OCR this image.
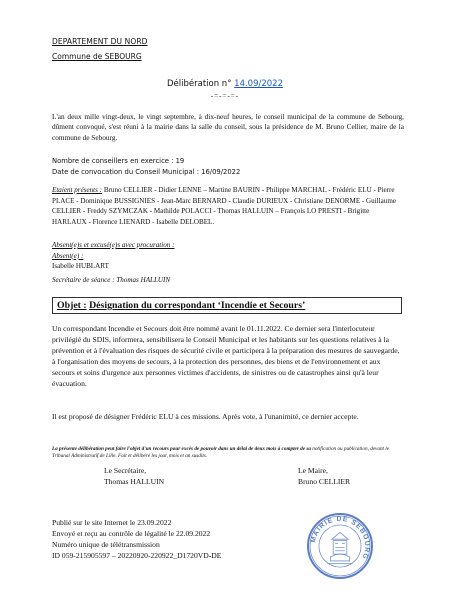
DEPARTEMENT DU NORD
Commune de SEBOURG
Délibération n° 14.09/2022
-=-=-=-
L'an deux mille vingt-deux, le vingt septembre, à dix-neuf heures, le conseil municipal de la commune de Sebourg, dûment convoqué, s'est réuni à la mairie dans la salle du conseil, sous la présidence de M. Bruno Cellier, maire de la commune de Sebourg.
Nombre de conseillers en exercice : 19
Date de convocation du Conseil Municipal : 16/09/2022
Etaient présents : Bruno CELLIER - Didier LENNE – Martine BAURIN - Philippe MARCHAL - Frédéric ELU - Pierre PLACE - Dominique BUSSIGNIES - Jean-Marc BERNARD - Claudie DURIEUX - Christiane DENORME - Guillaume CELLIER - Freddy SZYMCZAK - Mathilde POLACCI - Thomas HALLUIN – François LO PRESTI - Brigitte HARLAUX - Florence LIENARD - Isabelle DELOBEL.
Absent(e)s et excusé(e)s avec procuration :
Absent(e) :
Isabelle HUBLART
Secrétaire de séance : Thomas HALLUIN
Objet : Désignation du correspondant ‘Incendie et Secours’
Un correspondant Incendie et Secours doit être nommé avant le 01.11.2022. Ce dernier sera l'interlocuteur privilégié du SDIS, informera, sensibilisera le Conseil Municipal et les habitants sur les questions relatives à la prévention et à l'évaluation des risques de sécurité civile et participera à la préparation des mesures de sauvegarde, à l'organisation des moyens de secours, à la protection des personnes, des biens et de l'environnement et aux secours et soins d'urgence aux personnes victimes d'accidents, de sinistres ou de catastrophes ainsi qu'à leur évacuation.
Il est proposé de désigner Frédéric ELU à ces missions. Après vote, à l'unanimité, ce dernier accepte.
La présente délibération peut faire l'objet d'un recours pour excès de pouvoir dans un délai de deux mois à compter de sa notification ou publication, devant le Tribunal Administratif de Lille. Fait et délibéré les jour, mois et an susdits.
Le Secrétaire,
Thomas HALLUIN
Le Maire,
Bruno CELLIER
Publié sur le site Internet le 23.09.2022
Envoyé et reçu au contrôle de légalité le 22.09.2022
Numéro unique de télétransmission
ID 059-215905597 – 20220920-220922_D1720VD-DE
MAIRIE DE SEBOURG
